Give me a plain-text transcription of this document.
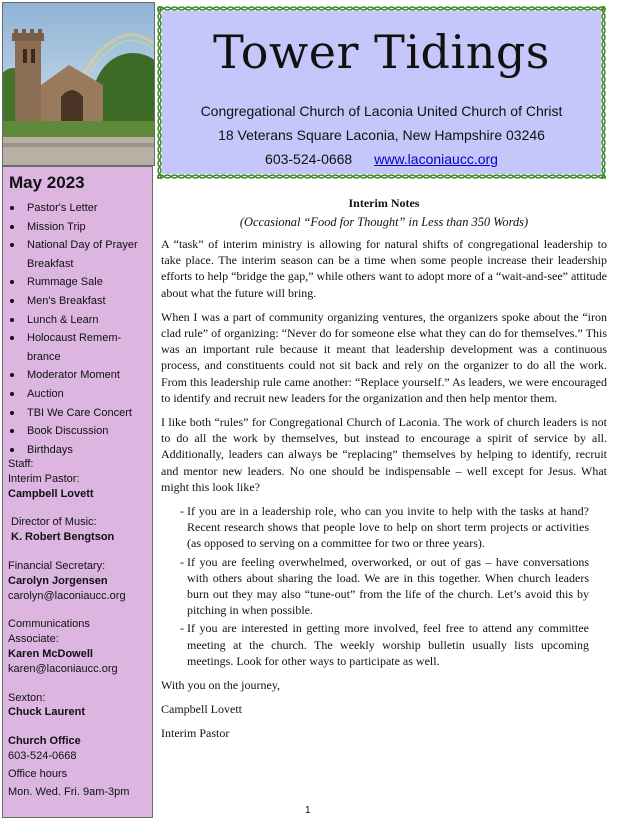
May 2023
Pastor's Letter
Mission Trip
National Day of Prayer Breakfast
Rummage Sale
Men's Breakfast
Lunch & Learn
Holocaust Remem-brance
Moderator Moment
Auction
TBI We Care Concert
Book Discussion
Birthdays
Staff:
Interim Pastor:
Campbell Lovett
Director of Music:
K. Robert Bengtson
Financial Secretary:
Carolyn Jorgensen
carolyn@laconiaucc.org
Communications
Associate:
Karen McDowell
karen@laconiaucc.org
Sexton:
Chuck Laurent
Church Office
603-524-0668
Office hours
Mon. Wed. Fri. 9am-3pm
Tower Tidings
Congregational Church of Laconia United Church of Christ
18 Veterans Square Laconia, New Hampshire 03246
603-524-0668 www.laconiaucc.org

Interim Notes

(Occasional “Food for Thought” in Less than 350 Words)

A “task” of interim ministry is allowing for natural shifts of congregational leadership to take place. The interim season can be a time when some people increase their leadership efforts to help “bridge the gap,” while others want to adopt more of a “wait-and-see” attitude about what the future will bring.

When I was a part of community organizing ventures, the organizers spoke about the “iron clad rule” of organizing: “Never do for someone else what they can do for themselves.” This was an important rule because it meant that leadership development was a continuous process, and constituents could not sit back and rely on the organizer to do all the work. From this leadership rule came another: “Replace yourself.” As leaders, we were encouraged to identify and recruit new leaders for the organization and then help mentor them.

I like both “rules” for Congregational Church of Laconia. The work of church leaders is not to do all the work by themselves, but instead to encourage a spirit of service by all. Additionally, leaders can always be “replacing” themselves by helping to identify, recruit and mentor new leaders. No one should be indispensable – well except for Jesus. What might this look like?

- If you are in a leadership role, who can you invite to help with the tasks at hand? Recent research shows that people love to help on short term projects or activities (as opposed to serving on a committee for two or three years).
- If you are feeling overwhelmed, overworked, or out of gas – have conversations with others about sharing the load. We are in this together. When church leaders burn out they may also “tune-out” from the life of the church. Let’s avoid this by pitching in when possible.
- If you are interested in getting more involved, feel free to attend any committee meeting at the church. The weekly worship bulletin usually lists upcoming meetings. Look for other ways to participate as well.

With you on the journey,

Campbell Lovett

Interim Pastor

1
